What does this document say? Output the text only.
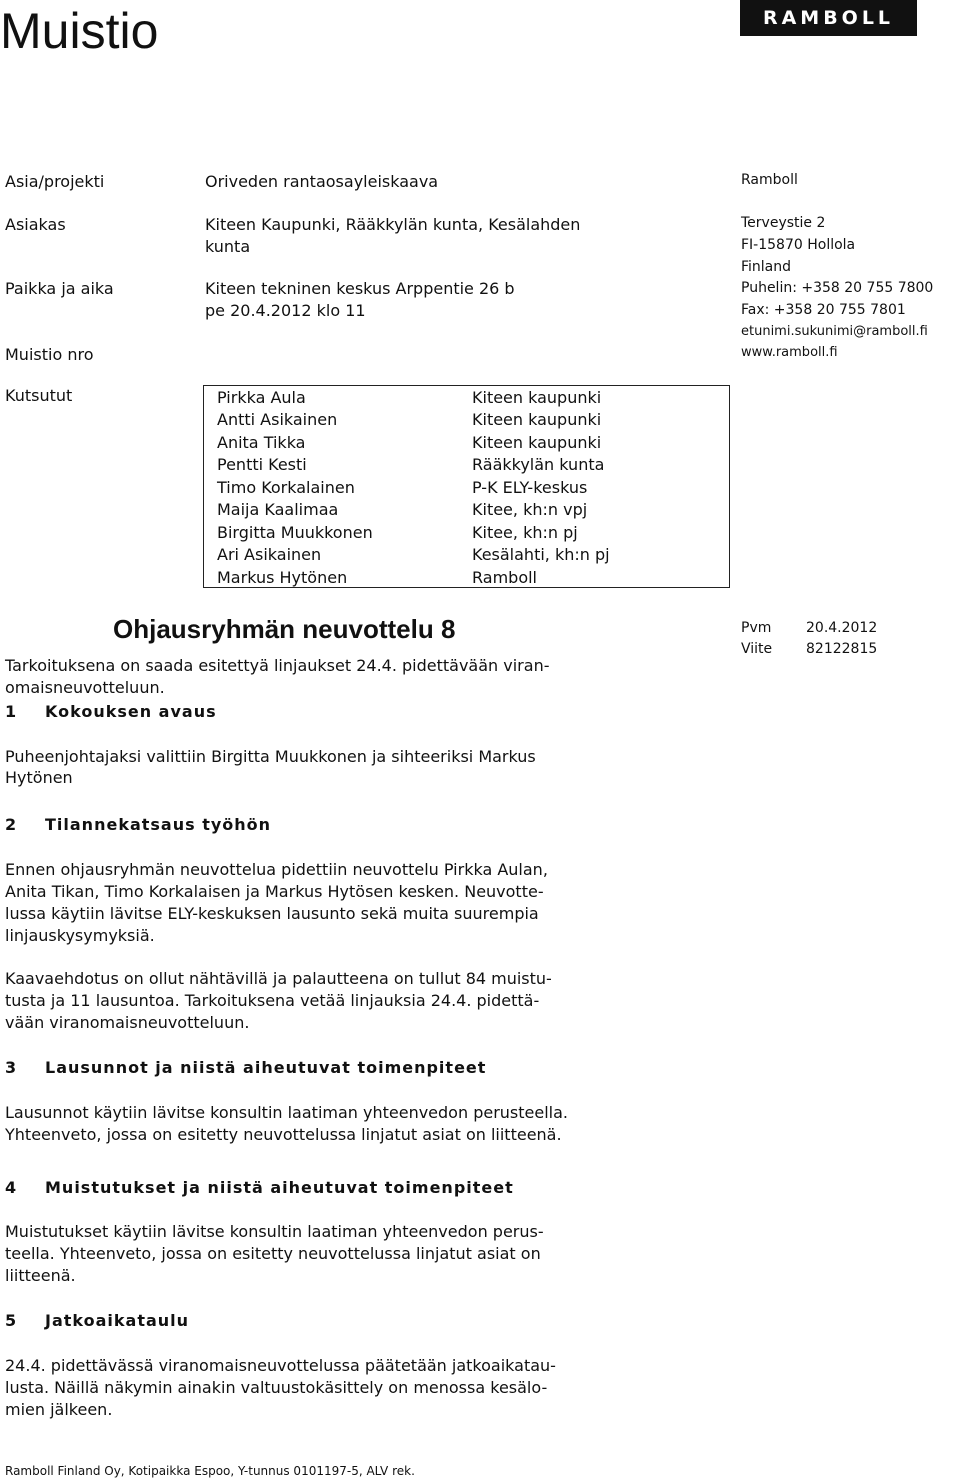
Muistio	RAMBOLL
Asia/projekti	Oriveden rantaosayleiskaava
Asiakas	Kiteen Kaupunki, Rääkkylän kunta, Kesälahden
kunta
Paikka ja aika	Kiteen tekninen keskus Arppentie 26 b
pe 20.4.2012 klo 11
Muistio nro
Kutsutut
Ramboll
Terveystie 2
FI-15870 Hollola
Finland
Puhelin: +358 20 755 7800
Fax: +358 20 755 7801
etunimi.sukunimi@ramboll.fi
www.ramboll.fi
Pirkka Aula	Kiteen kaupunki
Antti Asikainen	Kiteen kaupunki
Anita Tikka	Kiteen kaupunki
Pentti Kesti	Rääkkylän kunta
Timo Korkalainen	P-K ELY-keskus
Maija Kaalimaa	Kitee, kh:n vpj
Birgitta Muukkonen	Kitee, kh:n pj
Ari Asikainen	Kesälahti, kh:n pj
Markus Hytönen	Ramboll
Ohjausryhmän neuvottelu 8	Pvm 20.4.2012
Viite 82122815
Tarkoituksena on saada esitettyä linjaukset 24.4. pidettävään viran-
omaisneuvotteluun.
1 Kokouksen avaus
Puheenjohtajaksi valittiin Birgitta Muukkonen ja sihteeriksi Markus
Hytönen
2 Tilannekatsaus työhön
Ennen ohjausryhmän neuvottelua pidettiin neuvottelu Pirkka Aulan,
Anita Tikan, Timo Korkalaisen ja Markus Hytösen kesken. Neuvotte-
lussa käytiin lävitse ELY-keskuksen lausunto sekä muita suurempia
linjauskysymyksiä.
Kaavaehdotus on ollut nähtävillä ja palautteena on tullut 84 muistu-
tusta ja 11 lausuntoa. Tarkoituksena vetää linjauksia 24.4. pidettä-
vään viranomaisneuvotteluun.
3 Lausunnot ja niistä aiheutuvat toimenpiteet
Lausunnot käytiin lävitse konsultin laatiman yhteenvedon perusteella.
Yhteenveto, jossa on esitetty neuvottelussa linjatut asiat on liitteenä.
4 Muistutukset ja niistä aiheutuvat toimenpiteet
Muistutukset käytiin lävitse konsultin laatiman yhteenvedon perus-
teella. Yhteenveto, jossa on esitetty neuvottelussa linjatut asiat on
liitteenä.
5 Jatkoaikataulu
24.4. pidettävässä viranomaisneuvottelussa päätetään jatkoaikatau-
lusta. Näillä näkymin ainakin valtuustokäsittely on menossa kesälo-
mien jälkeen.
Ramboll Finland Oy, Kotipaikka Espoo, Y-tunnus 0101197-5, ALV rek.
